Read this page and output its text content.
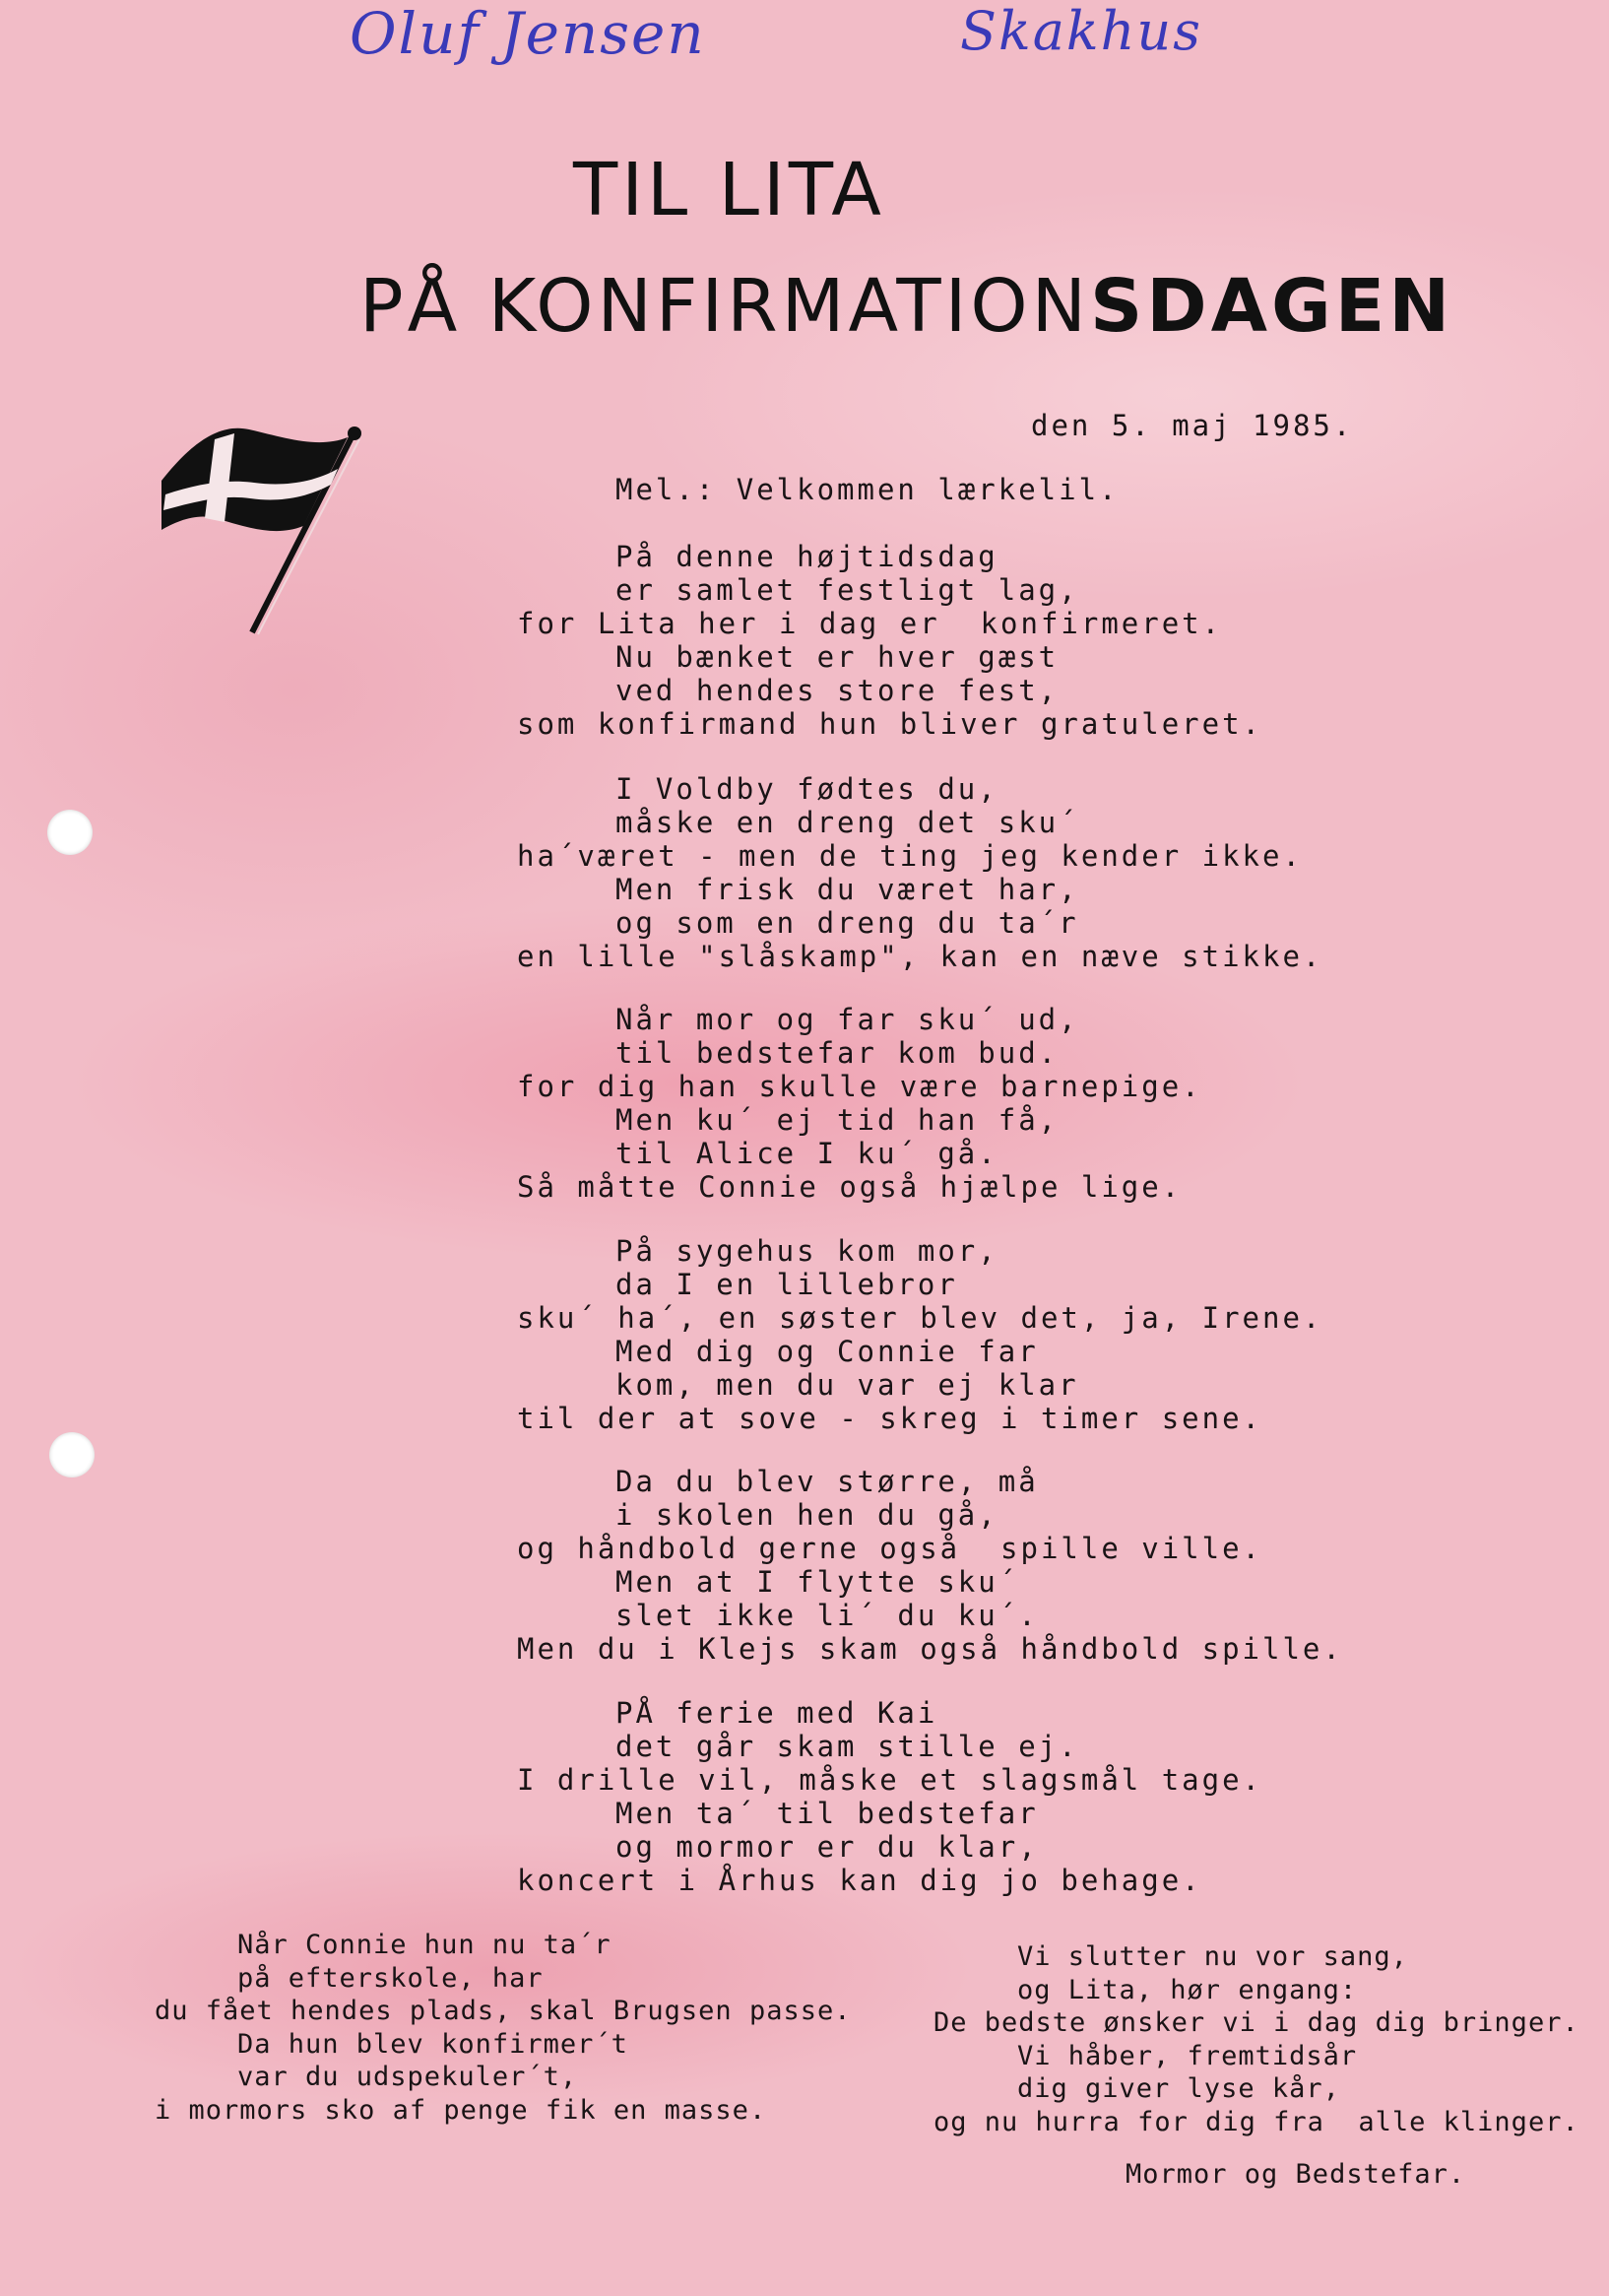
Oluf Jensen	Skakhus
TIL LITA
PÅ KONFIRMATIONSDAGEN
den 5. maj 1985.
Mel.: Velkommen lærkelil.
På denne højtidsdag
er samlet festligt lag,
for Lita her i dag er  konfirmeret.
Nu bænket er hver gæst
ved hendes store fest,
som konfirmand hun bliver gratuleret.
I Voldby fødtes du,
måske en dreng det sku´
ha´været - men de ting jeg kender ikke.
Men frisk du været har,
og som en dreng du ta´r
en lille "slåskamp", kan en næve stikke.
Når mor og far sku´ ud,
til bedstefar kom bud.
for dig han skulle være barnepige.
Men ku´ ej tid han få,
til Alice I ku´ gå.
Så måtte Connie også hjælpe lige.
På sygehus kom mor,
da I en lillebror
sku´ ha´, en søster blev det, ja, Irene.
Med dig og Connie far
kom, men du var ej klar
til der at sove - skreg i timer sene.
Da du blev større, må
i skolen hen du gå,
og håndbold gerne også  spille ville.
Men at I flytte sku´
slet ikke li´ du ku´.
Men du i Klejs skam også håndbold spille.
PÅ ferie med Kai
det går skam stille ej.
I drille vil, måske et slagsmål tage.
Men ta´ til bedstefar
og mormor er du klar,
koncert i Århus kan dig jo behage.
Når Connie hun nu ta´r
på efterskole, har
du fået hendes plads, skal Brugsen passe.
Da hun blev konfirmer´t
var du udspekuler´t,
i mormors sko af penge fik en masse.
Vi slutter nu vor sang,
og Lita, hør engang:
De bedste ønsker vi i dag dig bringer.
Vi håber, fremtidsår
dig giver lyse kår,
og nu hurra for dig fra  alle klinger.
Mormor og Bedstefar.
